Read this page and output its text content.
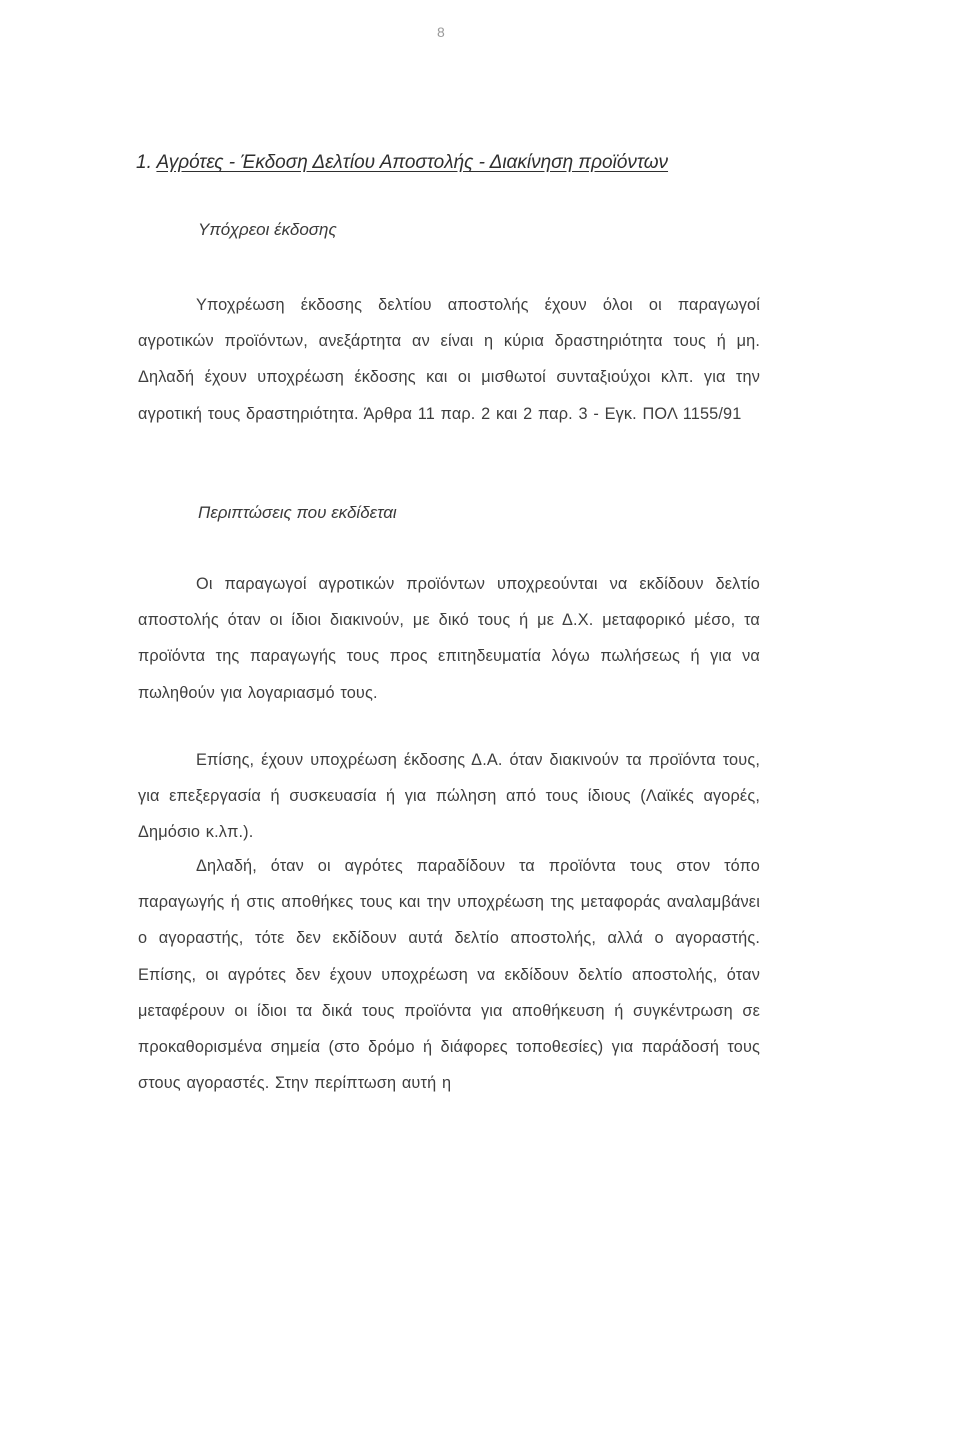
8
1. Αγρότες - Έκδοση Δελτίου Αποστολής - Διακίνηση προϊόντων
Υπόχρεοι έκδοσης
Υποχρέωση έκδοσης δελτίου αποστολής έχουν όλοι οι παραγωγοί αγροτικών προϊόντων, ανεξάρτητα αν είναι η κύρια δραστηριότητα τους ή μη. Δηλαδή έχουν υποχρέωση έκδοσης και οι μισθωτοί συνταξιούχοι κλπ. για την αγροτική τους δραστηριότητα. Άρθρα 11 παρ. 2 και 2 παρ. 3 - Εγκ. ΠΟΛ 1155/91
Περιπτώσεις που εκδίδεται
Οι παραγωγοί αγροτικών προϊόντων υποχρεούνται να εκδίδουν δελτίο αποστολής όταν οι ίδιοι διακινούν, με δικό τους ή με Δ.Χ. μεταφορικό μέσο, τα προϊόντα της παραγωγής τους προς επιτηδευματία λόγω πωλήσεως ή για να πωληθούν για λογαριασμό τους.
Επίσης, έχουν υποχρέωση έκδοσης Δ.Α. όταν διακινούν τα προϊόντα τους, για επεξεργασία ή συσκευασία ή για πώληση από τους ίδιους (Λαϊκές αγορές, Δημόσιο κ.λπ.).
Δηλαδή, όταν οι αγρότες παραδίδουν τα προϊόντα τους στον τόπο παραγωγής ή στις αποθήκες τους και την υποχρέωση της μεταφοράς αναλαμβάνει ο αγοραστής, τότε δεν εκδίδουν αυτά δελτίο αποστολής, αλλά ο αγοραστής. Επίσης, οι αγρότες δεν έχουν υποχρέωση να εκδίδουν δελτίο αποστολής, όταν μεταφέρουν οι ίδιοι τα δικά τους προϊόντα για αποθήκευση ή συγκέντρωση σε προκαθορισμένα σημεία (στο δρόμο ή διάφορες τοποθεσίες) για παράδοσή τους στους αγοραστές. Στην περίπτωση αυτή η
